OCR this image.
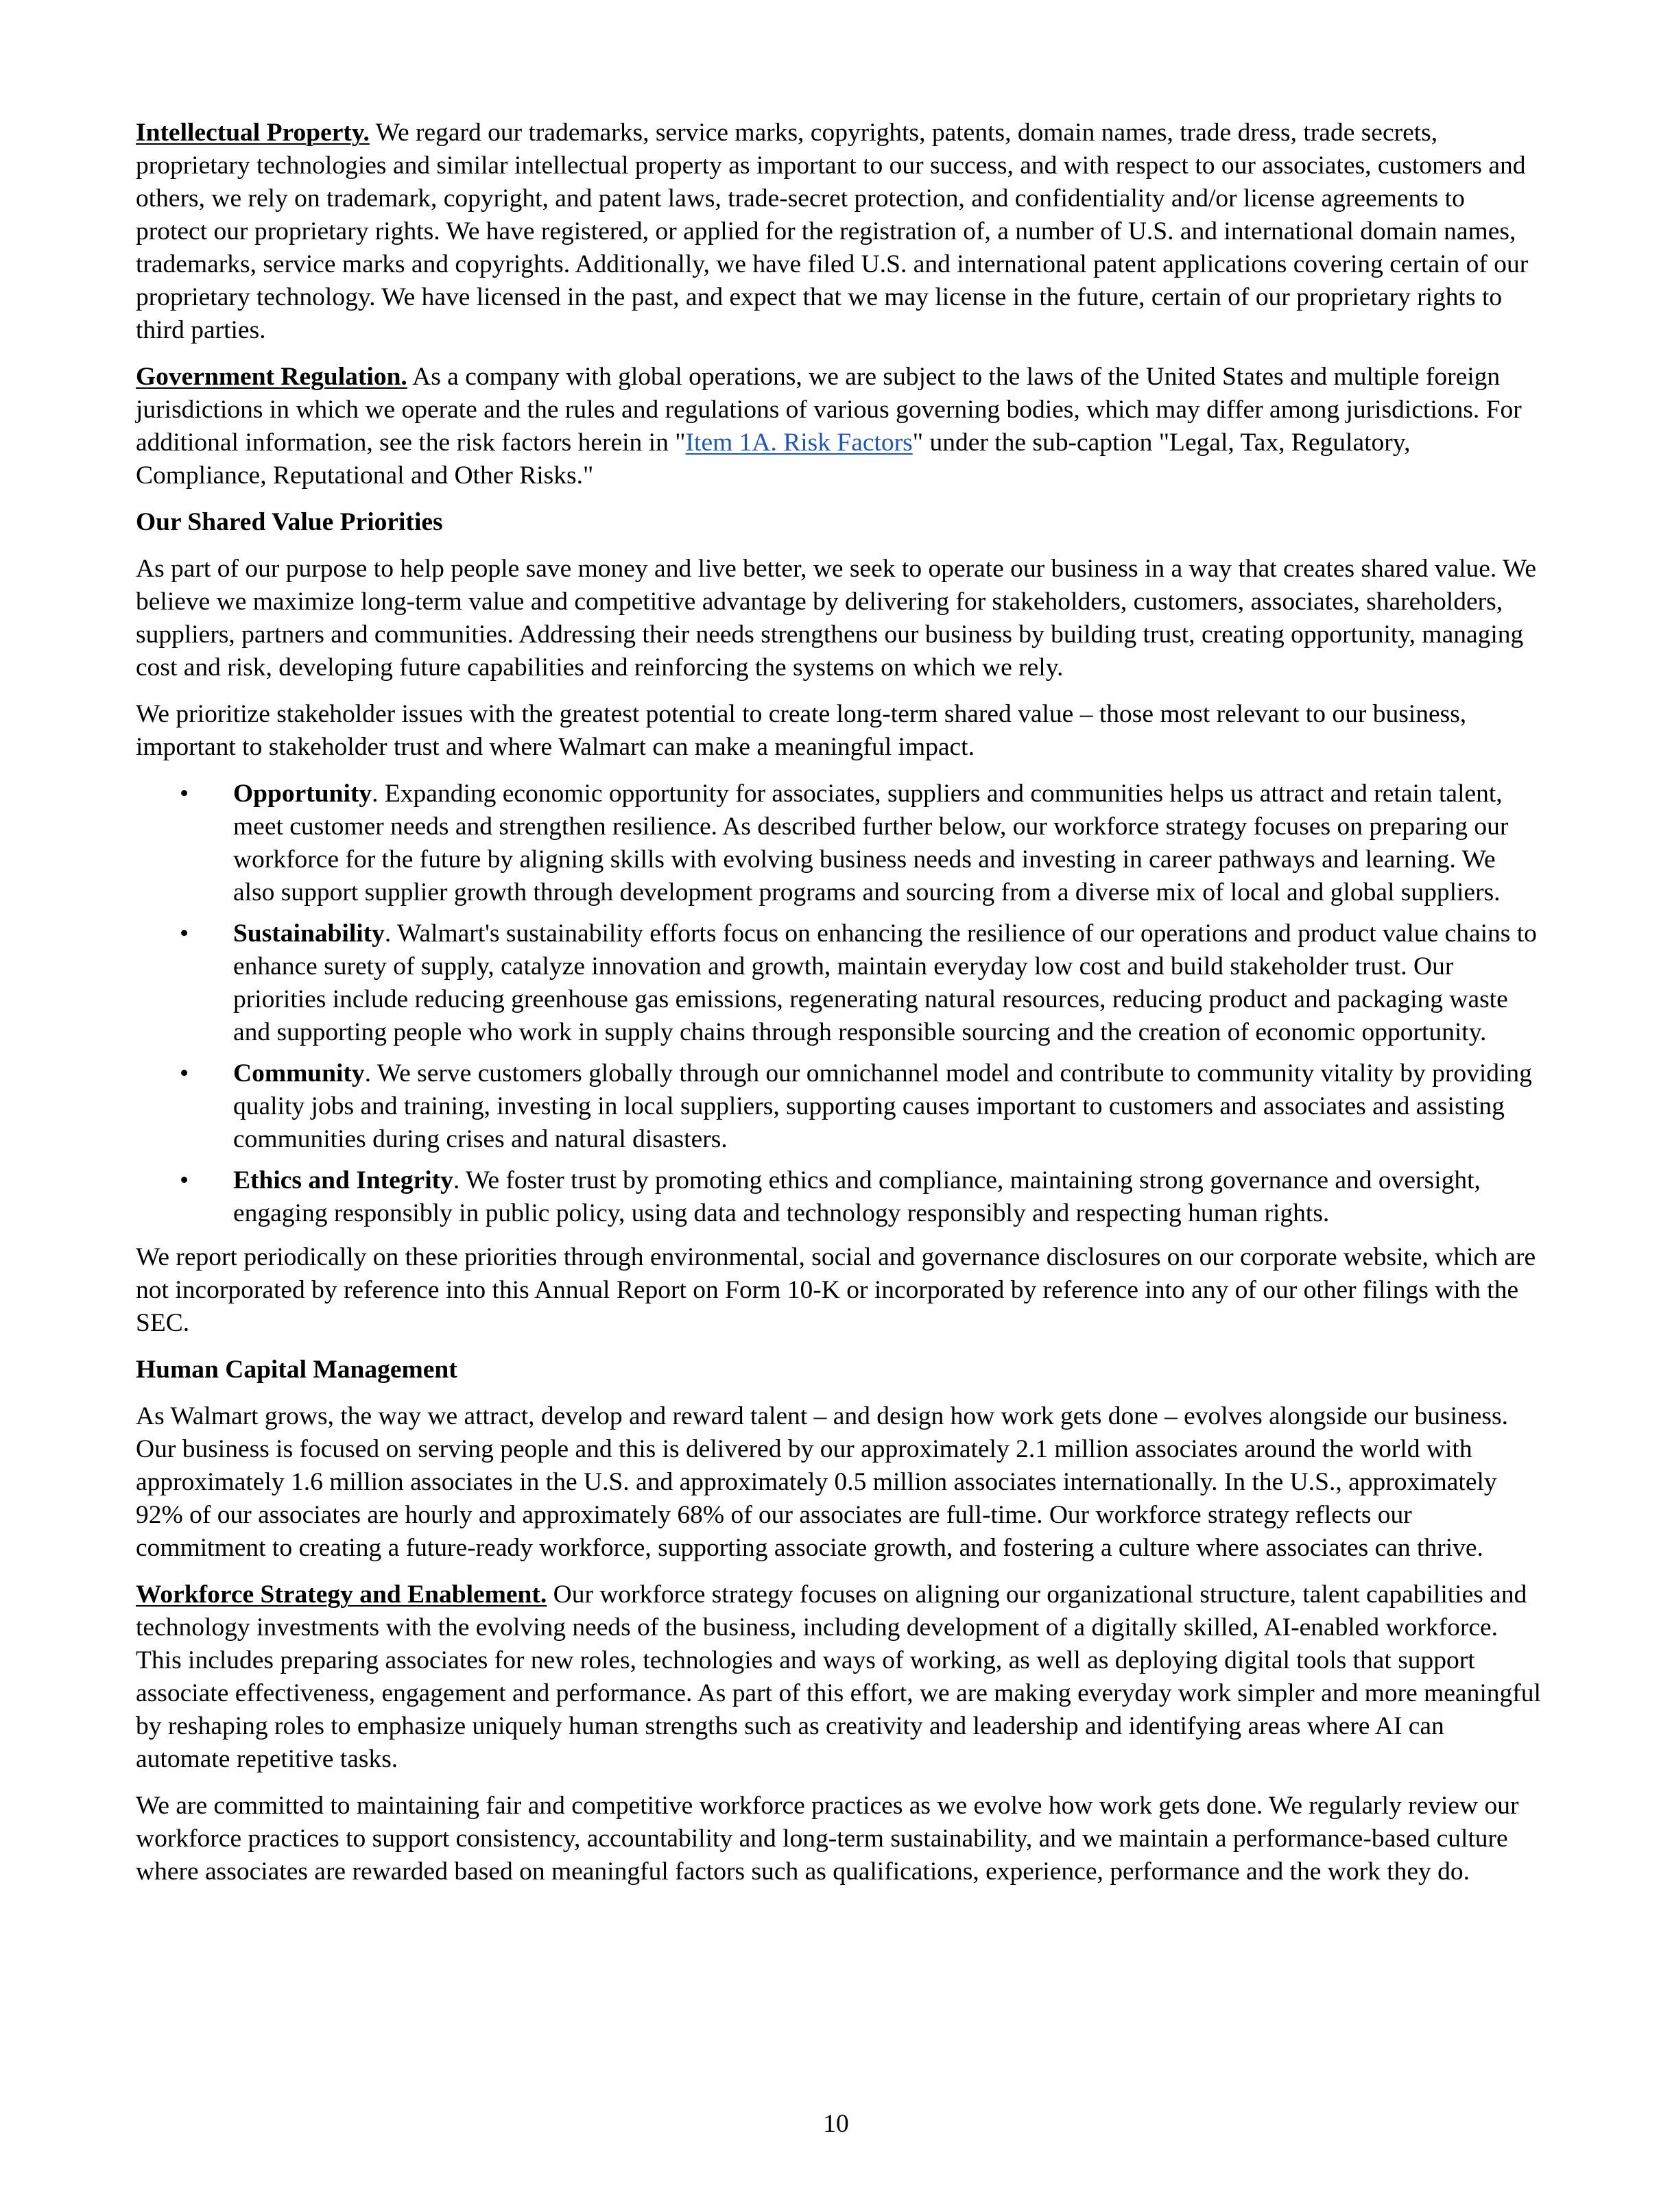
Intellectual Property. We regard our trademarks, service marks, copyrights, patents, domain names, trade dress, trade secrets, proprietary technologies and similar intellectual property as important to our success, and with respect to our associates, customers and others, we rely on trademark, copyright, and patent laws, trade-secret protection, and confidentiality and/or license agreements to protect our proprietary rights. We have registered, or applied for the registration of, a number of U.S. and international domain names, trademarks, service marks and copyrights. Additionally, we have filed U.S. and international patent applications covering certain of our proprietary technology. We have licensed in the past, and expect that we may license in the future, certain of our proprietary rights to third parties.

Government Regulation. As a company with global operations, we are subject to the laws of the United States and multiple foreign jurisdictions in which we operate and the rules and regulations of various governing bodies, which may differ among jurisdictions. For additional information, see the risk factors herein in "Item 1A. Risk Factors" under the sub-caption "Legal, Tax, Regulatory, Compliance, Reputational and Other Risks."

Our Shared Value Priorities

As part of our purpose to help people save money and live better, we seek to operate our business in a way that creates shared value. We believe we maximize long-term value and competitive advantage by delivering for stakeholders, customers, associates, shareholders, suppliers, partners and communities. Addressing their needs strengthens our business by building trust, creating opportunity, managing cost and risk, developing future capabilities and reinforcing the systems on which we rely.

We prioritize stakeholder issues with the greatest potential to create long-term shared value – those most relevant to our business, important to stakeholder trust and where Walmart can make a meaningful impact.

• Opportunity. Expanding economic opportunity for associates, suppliers and communities helps us attract and retain talent, meet customer needs and strengthen resilience. As described further below, our workforce strategy focuses on preparing our workforce for the future by aligning skills with evolving business needs and investing in career pathways and learning. We also support supplier growth through development programs and sourcing from a diverse mix of local and global suppliers.
• Sustainability. Walmart's sustainability efforts focus on enhancing the resilience of our operations and product value chains to enhance surety of supply, catalyze innovation and growth, maintain everyday low cost and build stakeholder trust. Our priorities include reducing greenhouse gas emissions, regenerating natural resources, reducing product and packaging waste and supporting people who work in supply chains through responsible sourcing and the creation of economic opportunity.
• Community. We serve customers globally through our omnichannel model and contribute to community vitality by providing quality jobs and training, investing in local suppliers, supporting causes important to customers and associates and assisting communities during crises and natural disasters.
• Ethics and Integrity. We foster trust by promoting ethics and compliance, maintaining strong governance and oversight, engaging responsibly in public policy, using data and technology responsibly and respecting human rights.

We report periodically on these priorities through environmental, social and governance disclosures on our corporate website, which are not incorporated by reference into this Annual Report on Form 10-K or incorporated by reference into any of our other filings with the SEC.

Human Capital Management

As Walmart grows, the way we attract, develop and reward talent – and design how work gets done – evolves alongside our business. Our business is focused on serving people and this is delivered by our approximately 2.1 million associates around the world with approximately 1.6 million associates in the U.S. and approximately 0.5 million associates internationally. In the U.S., approximately 92% of our associates are hourly and approximately 68% of our associates are full-time. Our workforce strategy reflects our commitment to creating a future-ready workforce, supporting associate growth, and fostering a culture where associates can thrive.

Workforce Strategy and Enablement. Our workforce strategy focuses on aligning our organizational structure, talent capabilities and technology investments with the evolving needs of the business, including development of a digitally skilled, AI-enabled workforce. This includes preparing associates for new roles, technologies and ways of working, as well as deploying digital tools that support associate effectiveness, engagement and performance. As part of this effort, we are making everyday work simpler and more meaningful by reshaping roles to emphasize uniquely human strengths such as creativity and leadership and identifying areas where AI can automate repetitive tasks.

We are committed to maintaining fair and competitive workforce practices as we evolve how work gets done. We regularly review our workforce practices to support consistency, accountability and long-term sustainability, and we maintain a performance-based culture where associates are rewarded based on meaningful factors such as qualifications, experience, performance and the work they do.

10
